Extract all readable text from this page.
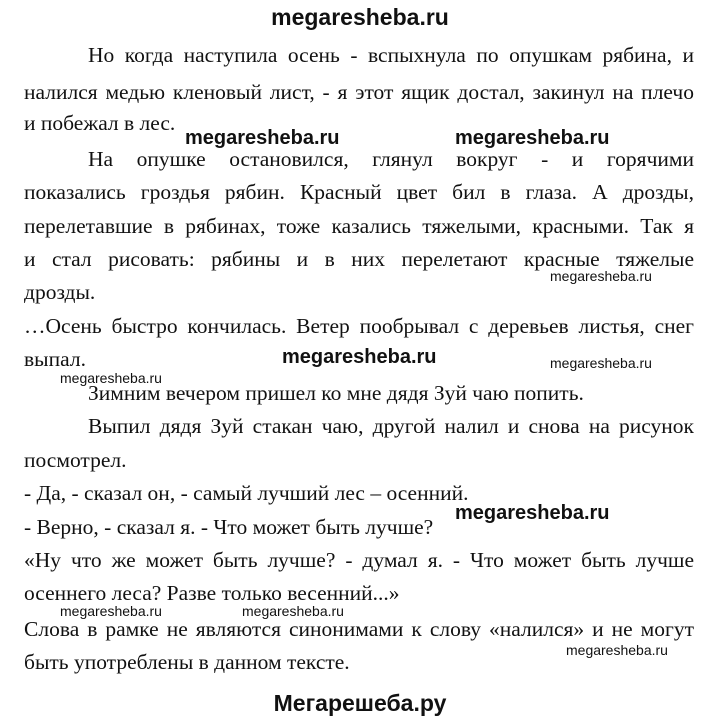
megaresheba.ru
Но когда наступила осень - вспыхнула по опушкам рябина, и
налился медью кленовый лист, - я этот ящик достал, закинул на плечо
и побежал в лес.
На опушке остановился, глянул вокруг - и горячими
показались гроздья рябин. Красный цвет бил в глаза. А дрозды,
перелетавшие в рябинах, тоже казались тяжелыми, красными. Так я
и стал рисовать: рябины и в них перелетают красные тяжелые
дрозды.
…Осень быстро кончилась. Ветер пообрывал с деревьев листья, снег
выпал.
Зимним вечером пришел ко мне дядя Зуй чаю попить.
Выпил дядя Зуй стакан чаю, другой налил и снова на рисунок
посмотрел.
- Да, - сказал он, - самый лучший лес – осенний.
- Верно, - сказал я. - Что может быть лучше?
«Ну что же может быть лучше? - думал я. - Что может быть лучше
осеннего леса? Разве только весенний...»
Слова в рамке не являются синонимами к слову «налился» и не могут
быть употреблены в данном тексте.
megaresheba.ru	megaresheba.ru
megaresheba.ru
megaresheba.ru
megaresheba.ru
megaresheba.ru
megaresheba.ru
megaresheba.ru	megaresheba.ru
megaresheba.ru
Мегарешеба.ру
